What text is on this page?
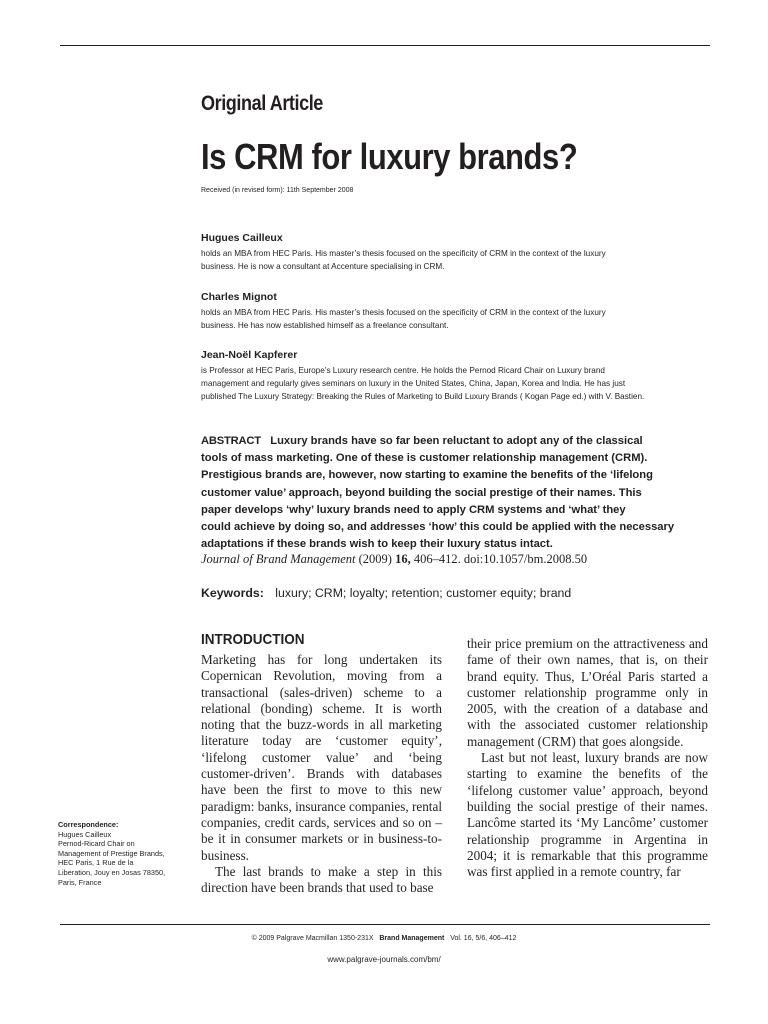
Original Article
Is CRM for luxury brands?
Received (in revised form): 11th September 2008
Hugues Cailleux
holds an MBA from HEC Paris. His master’s thesis focused on the specificity of CRM in the context of the luxury
business. He is now a consultant at Accenture specialising in CRM.
Charles Mignot
holds an MBA from HEC Paris. His master’s thesis focused on the specificity of CRM in the context of the luxury
business. He has now established himself as a freelance consultant.
Jean-Noël Kapferer
is Professor at HEC Paris, Europe’s Luxury research centre. He holds the Pernod Ricard Chair on Luxury brand
management and regularly gives seminars on luxury in the United States, China, Japan, Korea and India. He has just
published The Luxury Strategy: Breaking the Rules of Marketing to Build Luxury Brands ( Kogan Page ed.) with V. Bastien.
ABSTRACT Luxury brands have so far been reluctant to adopt any of the classical
tools of mass marketing. One of these is customer relationship management (CRM).
Prestigious brands are, however, now starting to examine the benefits of the ‘lifelong
customer value’ approach, beyond building the social prestige of their names. This
paper develops ‘why’ luxury brands need to apply CRM systems and ‘what’ they
could achieve by doing so, and addresses ‘how’ this could be applied with the necessary
adaptations if these brands wish to keep their luxury status intact.
Journal of Brand Management (2009) 16, 406–412. doi:10.1057/bm.2008.50
Keywords: luxury; CRM; loyalty; retention; customer equity; brand
INTRODUCTION

Marketing has for long undertaken its Copernican Revolution, moving from a transactional (sales-driven) scheme to a relational (bonding) scheme. It is worth noting that the buzz-words in all marketing literature today are ‘customer equity’, ‘lifelong customer value’ and ‘being customer-driven’. Brands with databases have been the first to move to this new paradigm: banks, insurance companies, rental companies, credit cards, services and so on – be it in consumer markets or in business-to-business.

The last brands to make a step in this direction have been brands that used to base

their price premium on the attractiveness and fame of their own names, that is, on their brand equity. Thus, L’Oréal Paris started a customer relationship programme only in 2005, with the creation of a database and with the associated customer relationship management (CRM) that goes alongside.

Last but not least, luxury brands are now starting to examine the benefits of the ‘lifelong customer value’ approach, beyond building the social prestige of their names. Lancôme started its ‘My Lancôme’ customer relationship programme in Argentina in 2004; it is remarkable that this programme was first applied in a remote country, far

Correspondence:
Hugues Cailleux
Pernod-Ricard Chair on
Management of Prestige Brands,
HEC Paris, 1 Rue de la
Liberation, Jouy en Josas 78350,
Paris, France
© 2009 Palgrave Macmillan 1350-231X Brand Management Vol. 16, 5/6, 406–412
www.palgrave-journals.com/bm/
